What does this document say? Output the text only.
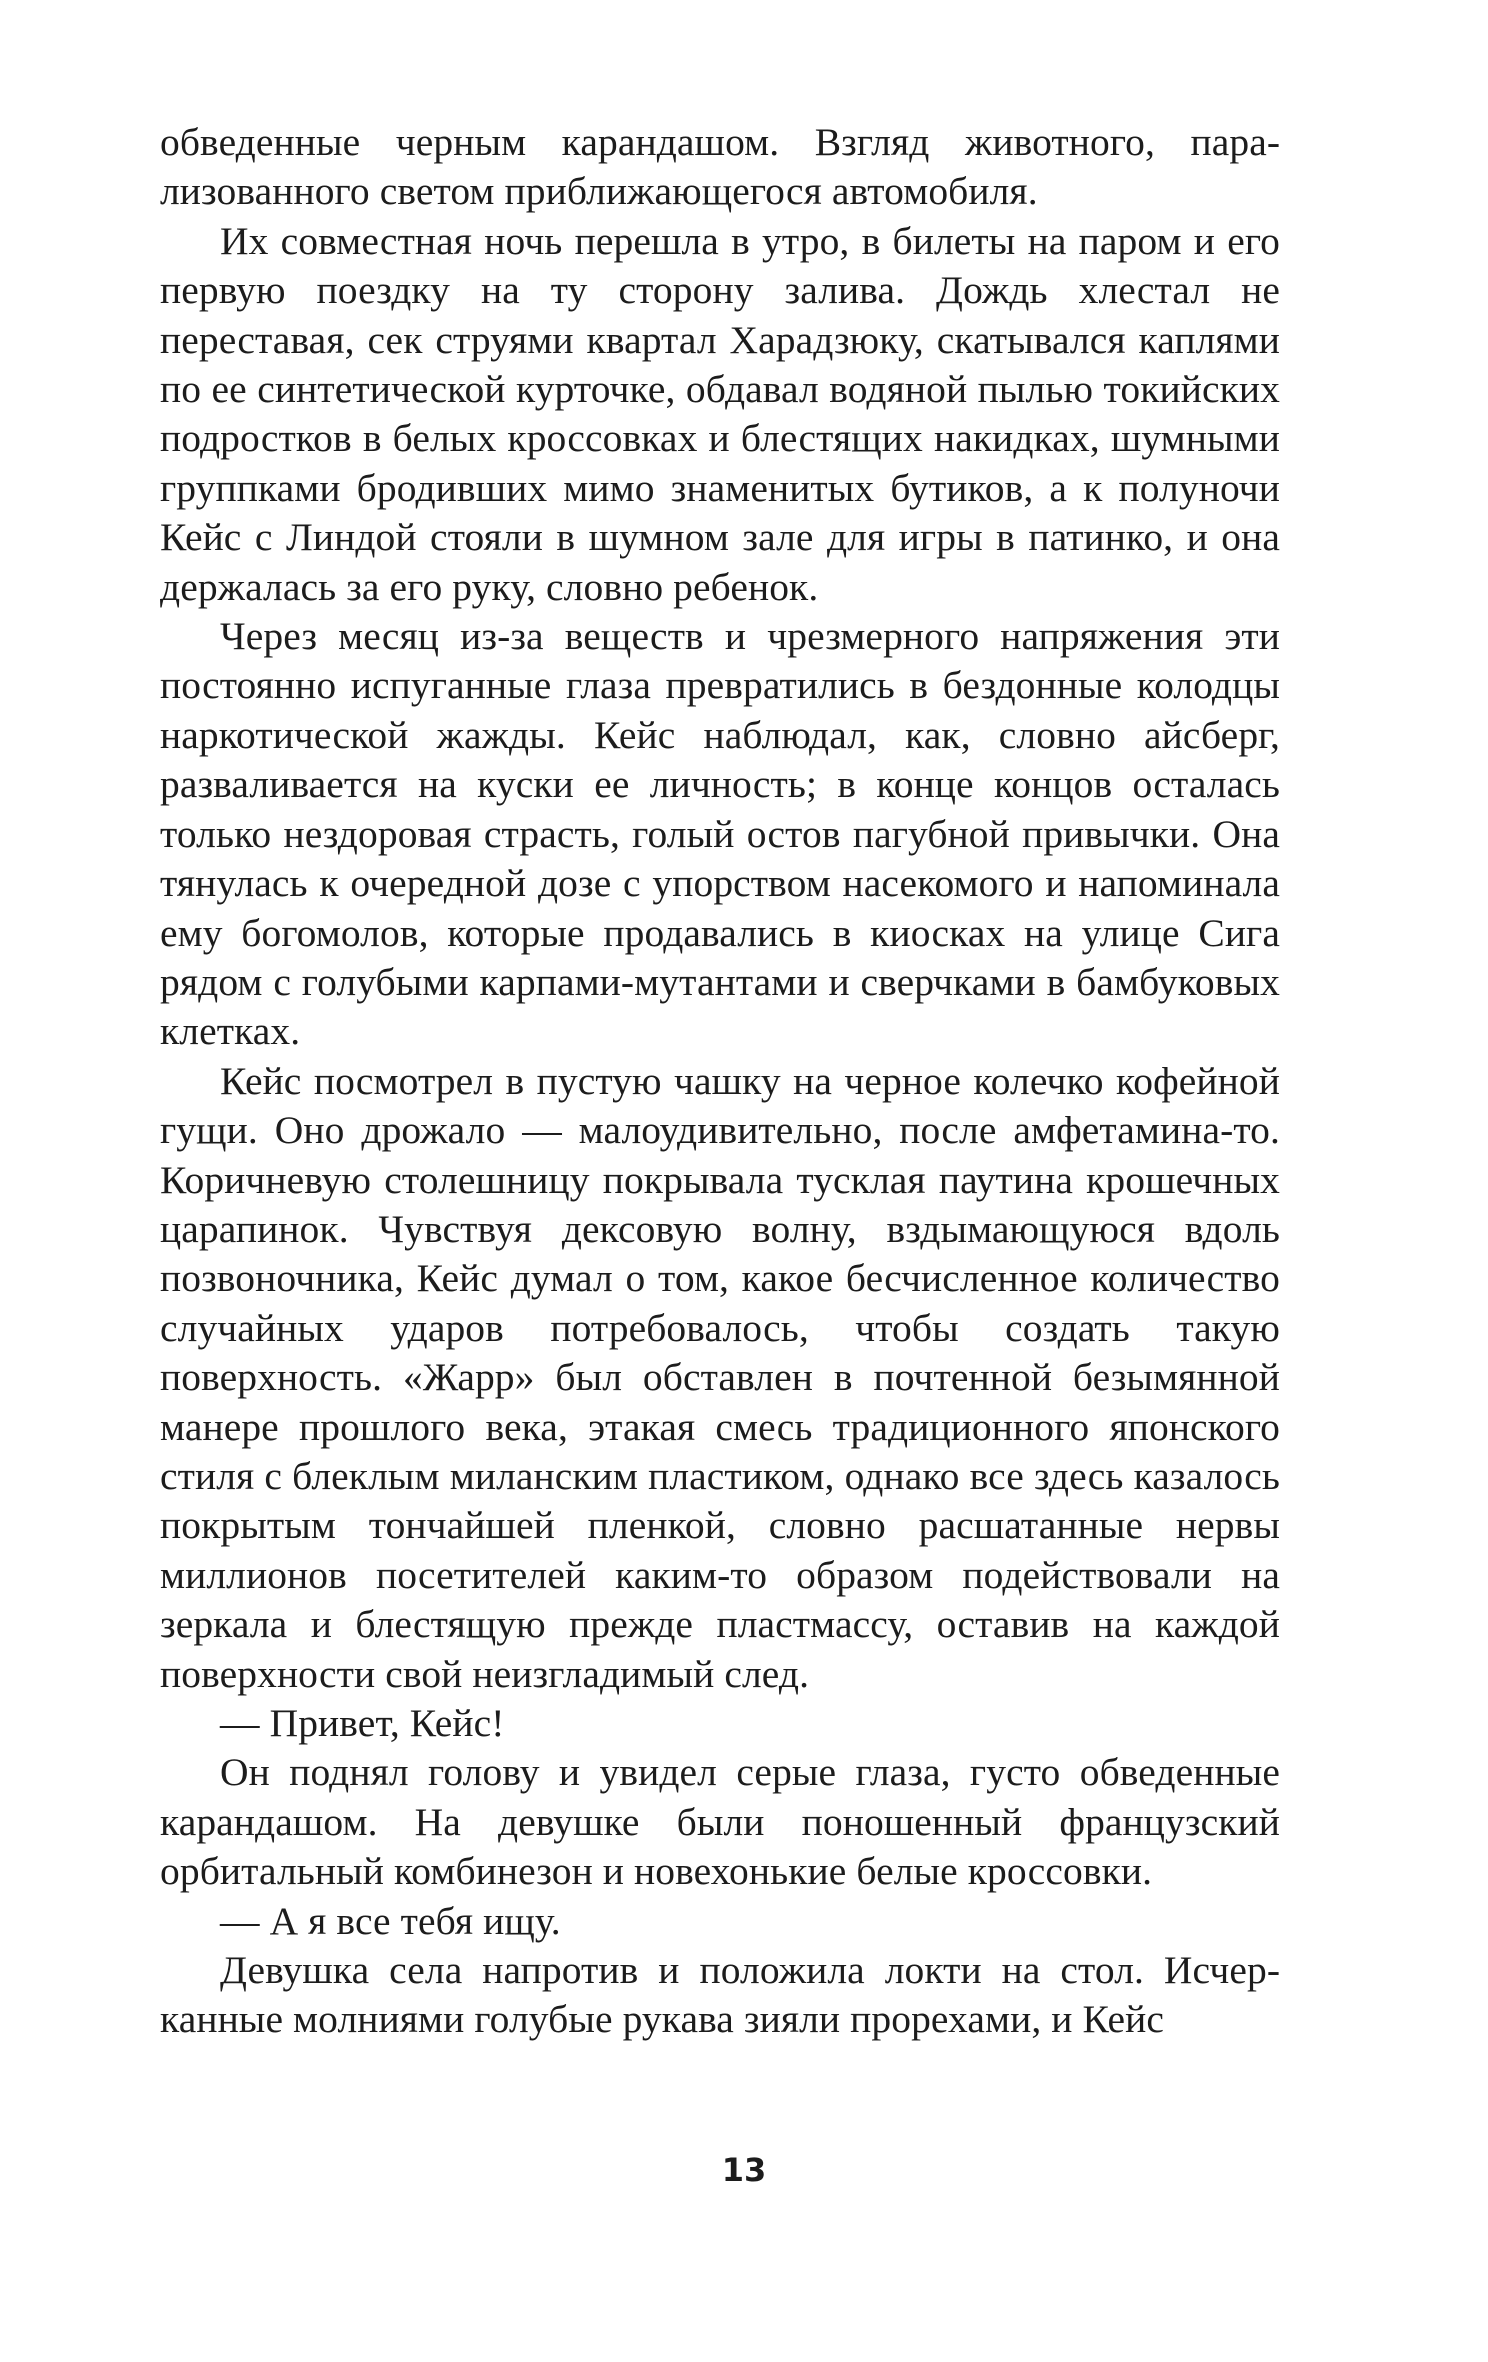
обведенные черным карандашом. Взгляд животного, парализованного светом приближающегося автомобиля.

Их совместная ночь перешла в утро, в билеты на паром и его первую поездку на ту сторону залива. Дождь хлестал не переставая, сек струями квартал Харадзюку, скатывался каплями по ее синтетической курточке, обдавал водяной пылью токийских подростков в белых кроссовках и блестящих накидках, шумными группками бродивших мимо знаменитых бутиков, а к полуночи Кейс с Линдой стояли в шумном зале для игры в патинко, и она держалась за его руку, словно ребенок.

Через месяц из-за веществ и чрезмерного напряжения эти постоянно испуганные глаза превратились в бездонные колодцы наркотической жажды. Кейс наблюдал, как, словно айсберг, разваливается на куски ее личность; в конце концов осталась только нездоровая страсть, голый остов пагубной привычки. Она тянулась к очередной дозе с упорством насекомого и напоминала ему богомолов, которые продавались в киосках на улице Сига рядом с голубыми карпами-мутантами и сверчками в бамбуковых клетках.

Кейс посмотрел в пустую чашку на черное колечко кофейной гущи. Оно дрожало — малоудивительно, после амфетамина-то. Коричневую столешницу покрывала тусклая паутина крошечных царапинок. Чувствуя дексовую волну, вздымающуюся вдоль позвоночника, Кейс думал о том, какое бесчисленное количество случайных ударов потребовалось, чтобы создать такую поверхность. «Жарр» был обставлен в почтенной безымянной манере прошлого века, этакая смесь традиционного японского стиля с блеклым миланским пластиком, однако все здесь казалось покрытым тончайшей пленкой, словно расшатанные нервы миллионов посетителей каким-то образом подействовали на зеркала и блестящую прежде пластмассу, оставив на каждой поверхности свой неизгладимый след.

— Привет, Кейс!

Он поднял голову и увидел серые глаза, густо обведенные карандашом. На девушке были поношенный французский орбитальный комбинезон и новехонькие белые кроссовки.

— А я все тебя ищу.

Девушка села напротив и положила локти на стол. Исчерканные молниями голубые рукава зияли прорехами, и Кейс

13
